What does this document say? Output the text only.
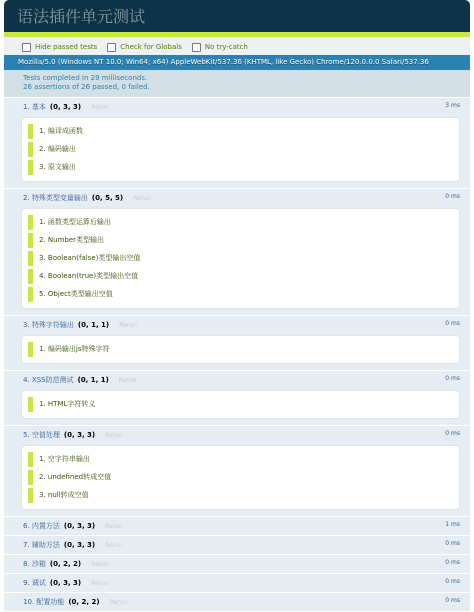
语法插件单元测试
Hide passed tests	Check for Globals	No try-catch
Mozilla/5.0 (Windows NT 10.0; Win64; x64) AppleWebKit/537.36 (KHTML, like Gecko) Chrome/120.0.0.0 Safari/537.36
Tests completed in 29 milliseconds.
26 assertions of 26 passed, 0 failed.
1. 基本 (0, 3, 3) Rerun	3 ms
1. 编译成函数
2. 编码输出
3. 原文输出
2. 特殊类型变量输出 (0, 5, 5) Rerun	0 ms
1. 函数类型运算后输出
2. Number类型输出
3. Boolean(false)类型输出空值
4. Boolean(true)类型输出空值
5. Object类型输出空值
3. 特殊字符输出 (0, 1, 1) Rerun	0 ms
1. 编码输出js特殊字符
4. XSS防范测试 (0, 1, 1) Rerun	0 ms
1. HTML字符转义
5. 空值处理 (0, 3, 3) Rerun	0 ms
1. 空字符串输出
2. undefined转成空值
3. null转成空值
6. 内置方法 (0, 3, 3) Rerun	1 ms
7. 辅助方法 (0, 3, 3) Rerun	0 ms
8. 沙箱 (0, 2, 2) Rerun	0 ms
9. 调试 (0, 3, 3) Rerun	0 ms
10. 配置功能 (0, 2, 2) Rerun	0 ms
